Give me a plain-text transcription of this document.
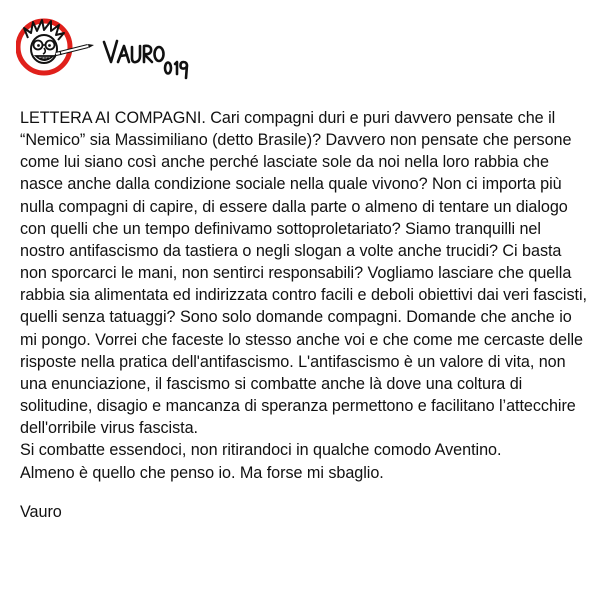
LETTERA AI COMPAGNI. Cari compagni duri e puri davvero pensate che il “Nemico” sia Massimiliano (detto Brasile)? Davvero non pensate che persone come lui siano così anche perché lasciate sole da noi nella loro rabbia che nasce anche dalla condizione sociale nella quale vivono? Non ci importa più nulla compagni di capire, di essere dalla parte o almeno di tentare un dialogo con quelli che un tempo definivamo sottoproletariato? Siamo tranquilli nel nostro antifascismo da tastiera o negli slogan a volte anche trucidi? Ci basta non sporcarci le mani, non sentirci responsabili? Vogliamo lasciare che quella rabbia sia alimentata ed indirizzata contro facili e deboli obiettivi dai veri fascisti, quelli senza tatuaggi? Sono solo domande compagni. Domande che anche io mi pongo. Vorrei che faceste lo stesso anche voi e che come me cercaste delle risposte nella pratica dell'antifascismo. L'antifascismo è un valore di vita, non una enunciazione, il fascismo si combatte anche là dove una coltura di solitudine, disagio e mancanza di speranza permettono e facilitano l’attecchire dell'orribile virus fascista.

Si combatte essendoci, non ritirandoci in qualche comodo Aventino.

Almeno è quello che penso io. Ma forse mi sbaglio.

Vauro
